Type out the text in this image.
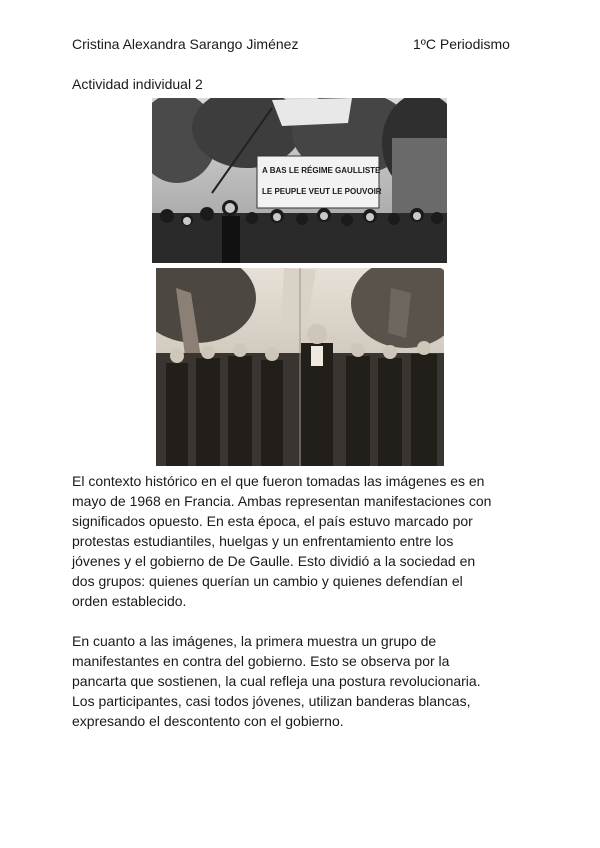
Cristina Alexandra Sarango Jiménez	1ºC Periodismo
Actividad individual 2
A BAS LE RÉGIME GAULLISTE
LE PEUPLE VEUT LE POUVOIR

El contexto histórico en el que fueron tomadas las imágenes es en
mayo de 1968 en Francia. Ambas representan manifestaciones con
significados opuesto. En esta época, el país estuvo marcado por
protestas estudiantiles, huelgas y un enfrentamiento entre los
jóvenes y el gobierno de De Gaulle. Esto dividió a la sociedad en
dos grupos: quienes querían un cambio y quienes defendían el
orden establecido.

En cuanto a las imágenes, la primera muestra un grupo de
manifestantes en contra del gobierno. Esto se observa por la
pancarta que sostienen, la cual refleja una postura revolucionaria.
Los participantes, casi todos jóvenes, utilizan banderas blancas,
expresando el descontento con el gobierno.
